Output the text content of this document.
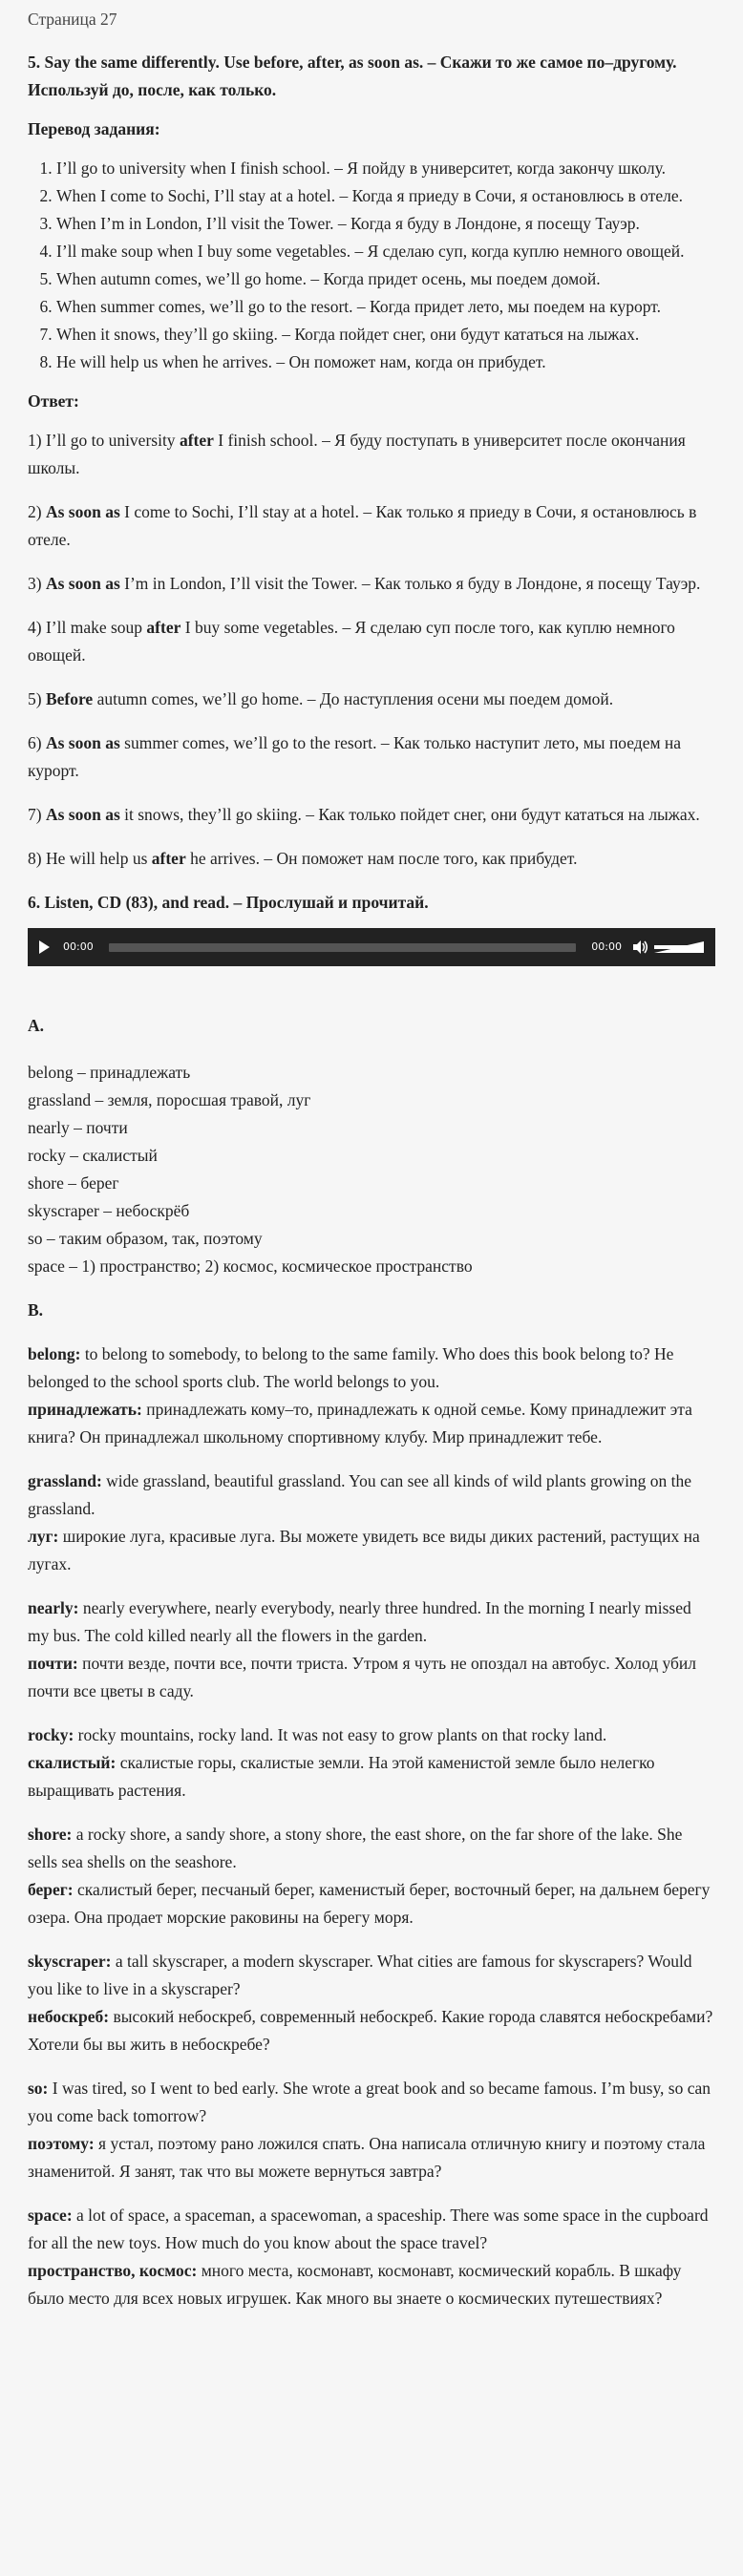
Страница 27
5. Say the same differently. Use before, after, as soon as. – Скажи то же самое по–другому. Используй до, после, как только.
Перевод задания:
1. I’ll go to university when I finish school. – Я пойду в университет, когда закончу школу.
2. When I come to Sochi, I’ll stay at a hotel. – Когда я приеду в Сочи, я остановлюсь в отеле.
3. When I’m in London, I’ll visit the Tower. – Когда я буду в Лондоне, я посещу Тауэр.
4. I’ll make soup when I buy some vegetables. – Я сделаю суп, когда куплю немного овощей.
5. When autumn comes, we’ll go home. – Когда придет осень, мы поедем домой.
6. When summer comes, we’ll go to the resort. – Когда придет лето, мы поедем на курорт.
7. When it snows, they’ll go skiing. – Когда пойдет снег, они будут кататься на лыжах.
8. He will help us when he arrives. – Он поможет нам, когда он прибудет.
Ответ:

1) I’ll go to university after I finish school. – Я буду поступать в университет после окончания школы.

2) As soon as I come to Sochi, I’ll stay at a hotel. – Как только я приеду в Сочи, я остановлюсь в отеле.

3) As soon as I’m in London, I’ll visit the Tower. – Как только я буду в Лондоне, я посещу Тауэр.

4) I’ll make soup after I buy some vegetables. – Я сделаю суп после того, как куплю немного овощей.

5) Before autumn comes, we’ll go home. – До наступления осени мы поедем домой.

6) As soon as summer comes, we’ll go to the resort. – Как только наступит лето, мы поедем на курорт.

7) As soon as it snows, they’ll go skiing. – Как только пойдет снег, они будут кататься на лыжах.

8) He will help us after he arrives. – Он поможет нам после того, как прибудет.

6. Listen, CD (83), and read. – Прослушай и прочитай.
00:00	00:00
A.
belong – принадлежать
grassland – земля, поросшая травой, луг
nearly – почти
rocky – скалистый
shore – берег
skyscraper – небоскрёб
so – таким образом, так, поэтому
space – 1) пространство; 2) космос, космическое пространство
B.
belong: to belong to somebody, to belong to the same family. Who does this book belong to? He belonged to the school sports club. The world belongs to you.
принадлежать: принадлежать кому–то, принадлежать к одной семье. Кому принадлежит эта книга? Он принадлежал школьному спортивному клубу. Мир принадлежит тебе.
grassland: wide grassland, beautiful grassland. You can see all kinds of wild plants growing on the grassland.
луг: широкие луга, красивые луга. Вы можете увидеть все виды диких растений, растущих на лугах.
nearly: nearly everywhere, nearly everybody, nearly three hundred. In the morning I nearly missed my bus. The cold killed nearly all the flowers in the garden.
почти: почти везде, почти все, почти триста. Утром я чуть не опоздал на автобус. Холод убил почти все цветы в саду.
rocky: rocky mountains, rocky land. It was not easy to grow plants on that rocky land.
скалистый: скалистые горы, скалистые земли. На этой каменистой земле было нелегко выращивать растения.
shore: a rocky shore, a sandy shore, a stony shore, the east shore, on the far shore of the lake. She sells sea shells on the seashore.
берег: скалистый берег, песчаный берег, каменистый берег, восточный берег, на дальнем берегу озера. Она продает морские раковины на берегу моря.
skyscraper: a tall skyscraper, a modern skyscraper. What cities are famous for skyscrapers? Would you like to live in a skyscraper?
небоскреб: высокий небоскреб, современный небоскреб. Какие города славятся небоскребами? Хотели бы вы жить в небоскребе?
so: I was tired, so I went to bed early. She wrote a great book and so became famous. I’m busy, so can you come back tomorrow?
поэтому: я устал, поэтому рано ложился спать. Она написала отличную книгу и поэтому стала знаменитой. Я занят, так что вы можете вернуться завтра?
space: a lot of space, a spaceman, a spacewoman, a spaceship. There was some space in the cupboard for all the new toys. How much do you know about the space travel?
пространство, космос: много места, космонавт, космонавт, космический корабль. В шкафу было место для всех новых игрушек. Как много вы знаете о космических путешествиях?
